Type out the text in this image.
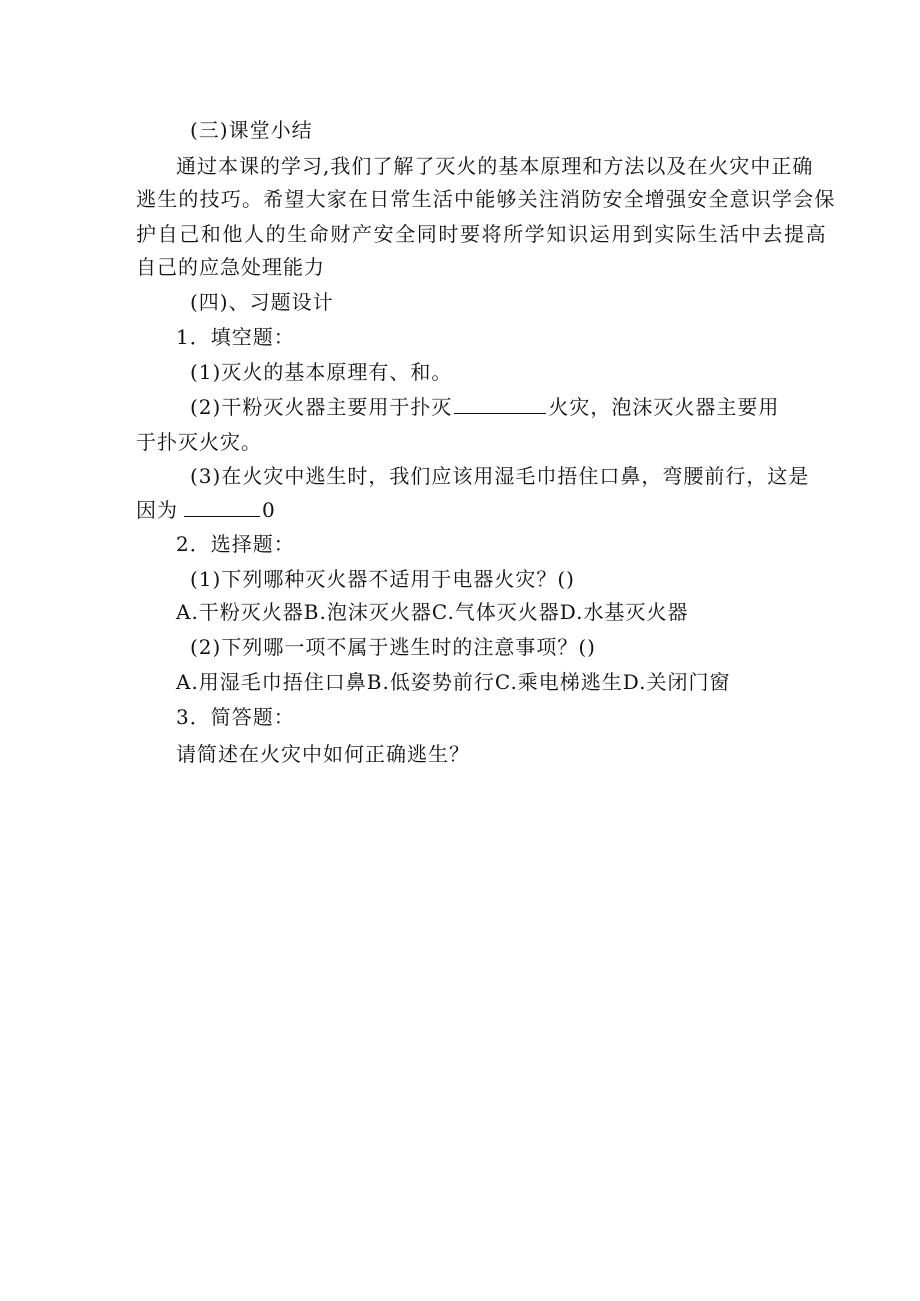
(三)课堂小结
通过本课的学习,我们了解了灭火的基本原理和方法以及在火灾中正确
逃生的技巧。希望大家在日常生活中能够关注消防安全增强安全意识学会保
护自己和他人的生命财产安全同时要将所学知识运用到实际生活中去提高
自己的应急处理能力
(四)、习题设计
1．填空题：
(1)灭火的基本原理有、和。
(2)干粉灭火器主要用于扑灭	火灾，泡沫灭火器主要用
于扑灭火灾。
(3)在火灾中逃生时，我们应该用湿毛巾捂住口鼻，弯腰前行，这是
因为	0
2．选择题：
(1)下列哪种灭火器不适用于电器火灾？()
A.干粉灭火器B.泡沫灭火器C.气体灭火器D.水基灭火器
(2)下列哪一项不属于逃生时的注意事项？()
A.用湿毛巾捂住口鼻B.低姿势前行C.乘电梯逃生D.关闭门窗
3．简答题：
请简述在火灾中如何正确逃生？
